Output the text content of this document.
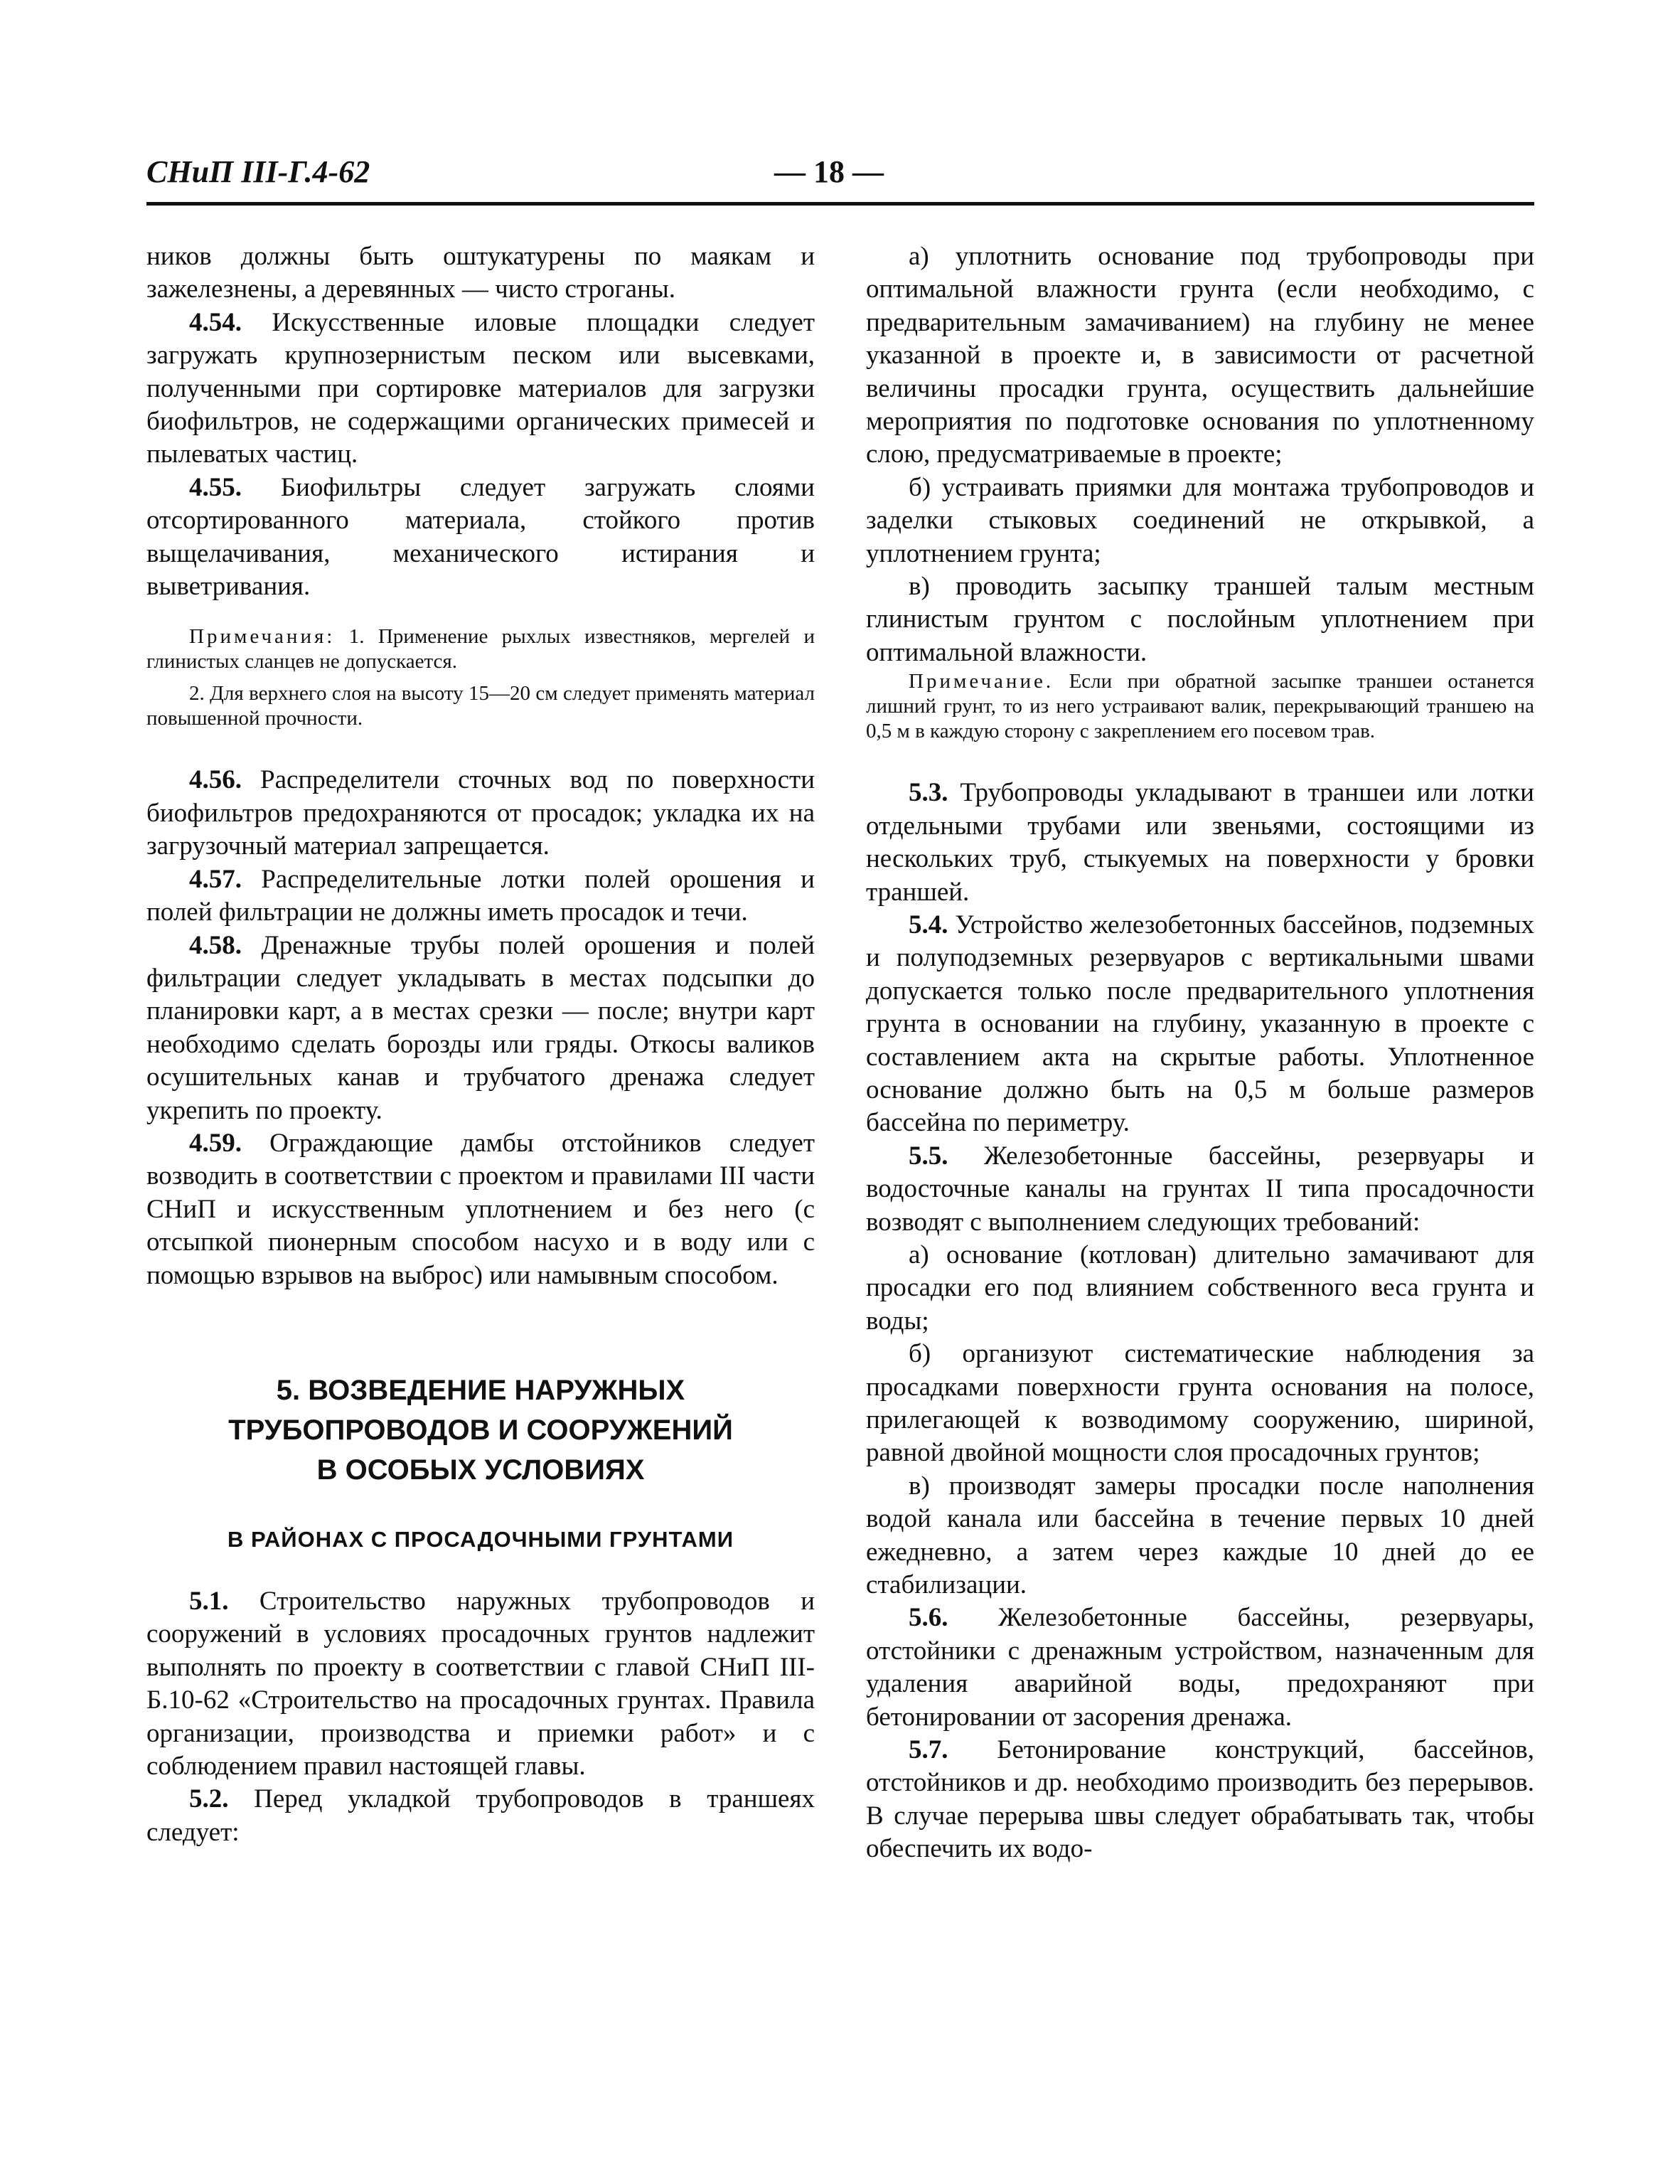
СНиП III-Г.4-62	— 18 —

ников должны быть оштукатурены по маякам и зажелезнены, а деревянных — чисто строганы.

4.54. Искусственные иловые площадки следует загружать крупнозернистым песком или высевками, полученными при сортировке материалов для загрузки биофильтров, не содержащими органических примесей и пылеватых частиц.

4.55. Биофильтры следует загружать слоями отсортированного материала, стойкого против выщелачивания, механического истирания и выветривания.

Примечания: 1. Применение рыхлых известняков, мергелей и глинистых сланцев не допускается.

2. Для верхнего слоя на высоту 15—20 см следует применять материал повышенной прочности.

4.56. Распределители сточных вод по поверхности биофильтров предохраняются от просадок; укладка их на загрузочный материал запрещается.

4.57. Распределительные лотки полей орошения и полей фильтрации не должны иметь просадок и течи.

4.58. Дренажные трубы полей орошения и полей фильтрации следует укладывать в местах подсыпки до планировки карт, а в местах срезки — после; внутри карт необходимо сделать борозды или гряды. Откосы валиков осушительных канав и трубчатого дренажа следует укрепить по проекту.

4.59. Ограждающие дамбы отстойников следует возводить в соответствии с проектом и правилами III части СНиП и искусственным уплотнением и без него (с отсыпкой пионерным способом насухо и в воду или с помощью взрывов на выброс) или намывным способом.

5. ВОЗВЕДЕНИЕ НАРУЖНЫХ
ТРУБОПРОВОДОВ И СООРУЖЕНИЙ
В ОСОБЫХ УСЛОВИЯХ

В РАЙОНАХ С ПРОСАДОЧНЫМИ ГРУНТАМИ

5.1. Строительство наружных трубопроводов и сооружений в условиях просадочных грунтов надлежит выполнять по проекту в соответствии с главой СНиП III-Б.10-62 «Строительство на просадочных грунтах. Правила организации, производства и приемки работ» и с соблюдением правил настоящей главы.

5.2. Перед укладкой трубопроводов в траншеях следует:

а) уплотнить основание под трубопроводы при оптимальной влажности грунта (если необходимо, с предварительным замачиванием) на глубину не менее указанной в проекте и, в зависимости от расчетной величины просадки грунта, осуществить дальнейшие мероприятия по подготовке основания по уплотненному слою, предусматриваемые в проекте;

б) устраивать приямки для монтажа трубопроводов и заделки стыковых соединений не открывкой, а уплотнением грунта;

в) проводить засыпку траншей талым местным глинистым грунтом с послойным уплотнением при оптимальной влажности.

Примечание. Если при обратной засыпке траншеи останется лишний грунт, то из него устраивают валик, перекрывающий траншею на 0,5 м в каждую сторону с закреплением его посевом трав.

5.3. Трубопроводы укладывают в траншеи или лотки отдельными трубами или звеньями, состоящими из нескольких труб, стыкуемых на поверхности у бровки траншей.

5.4. Устройство железобетонных бассейнов, подземных и полуподземных резервуаров с вертикальными швами допускается только после предварительного уплотнения грунта в основании на глубину, указанную в проекте с составлением акта на скрытые работы. Уплотненное основание должно быть на 0,5 м больше размеров бассейна по периметру.

5.5. Железобетонные бассейны, резервуары и водосточные каналы на грунтах II типа просадочности возводят с выполнением следующих требований:

а) основание (котлован) длительно замачивают для просадки его под влиянием собственного веса грунта и воды;

б) организуют систематические наблюдения за просадками поверхности грунта основания на полосе, прилегающей к возводимому сооружению, шириной, равной двойной мощности слоя просадочных грунтов;

в) производят замеры просадки после наполнения водой канала или бассейна в течение первых 10 дней ежедневно, а затем через каждые 10 дней до ее стабилизации.

5.6. Железобетонные бассейны, резервуары, отстойники с дренажным устройством, назначенным для удаления аварийной воды, предохраняют при бетонировании от засорения дренажа.

5.7. Бетонирование конструкций, бассейнов, отстойников и др. необходимо производить без перерывов. В случае перерыва швы следует обрабатывать так, чтобы обеспечить их водо-
